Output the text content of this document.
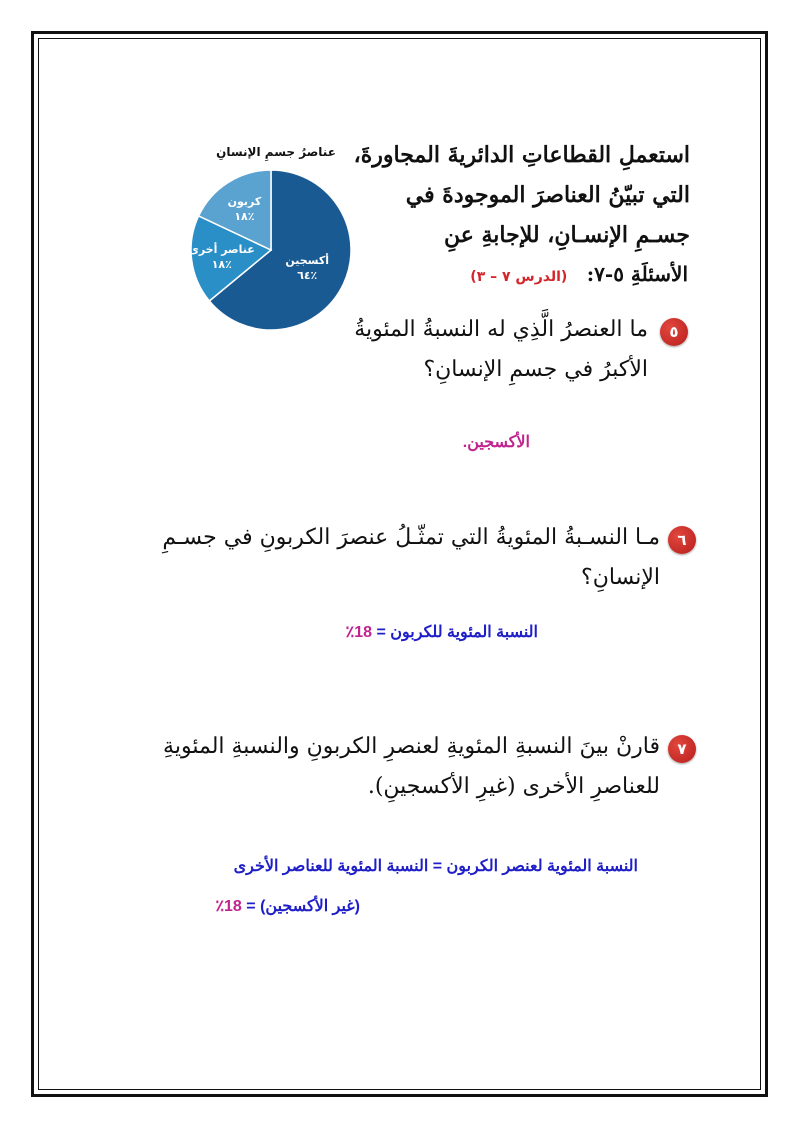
استعملِ القطاعاتِ الدائريةَ المجاورةَ،
التي تبيّنُ العناصرَ الموجودةَ في
جسـمِ الإنسـانِ، للإجابةِ عنِ
الأسئلَةِ ٥-٧: (الدرس ٧ – ٣)
عناصرُ جسمِ الإنسانِ
أكسجين
٦٤٪
عناصر أخرى
١٨٪
كربون
١٨٪
٥
ما العنصرُ الَّذِي له النسبةُ المئويةُ
الأكبرُ في جسمِ الإنسانِ؟
الأكسجين.
٦
مـا النسـبةُ المئويةُ التي تمثّـلُ عنصرَ الكربونِ في جسـمِ
الإنسانِ؟
النسبة المئوية للكربون = 18٪
٧
قارنْ بينَ النسبةِ المئويةِ لعنصرِ الكربونِ والنسبةِ المئويةِ
للعناصرِ الأخرى (غيرِ الأكسجينِ).
النسبة المئوية لعنصر الكربون = النسبة المئوية للعناصر الأخرى
(غير الأكسجين) = 18٪
